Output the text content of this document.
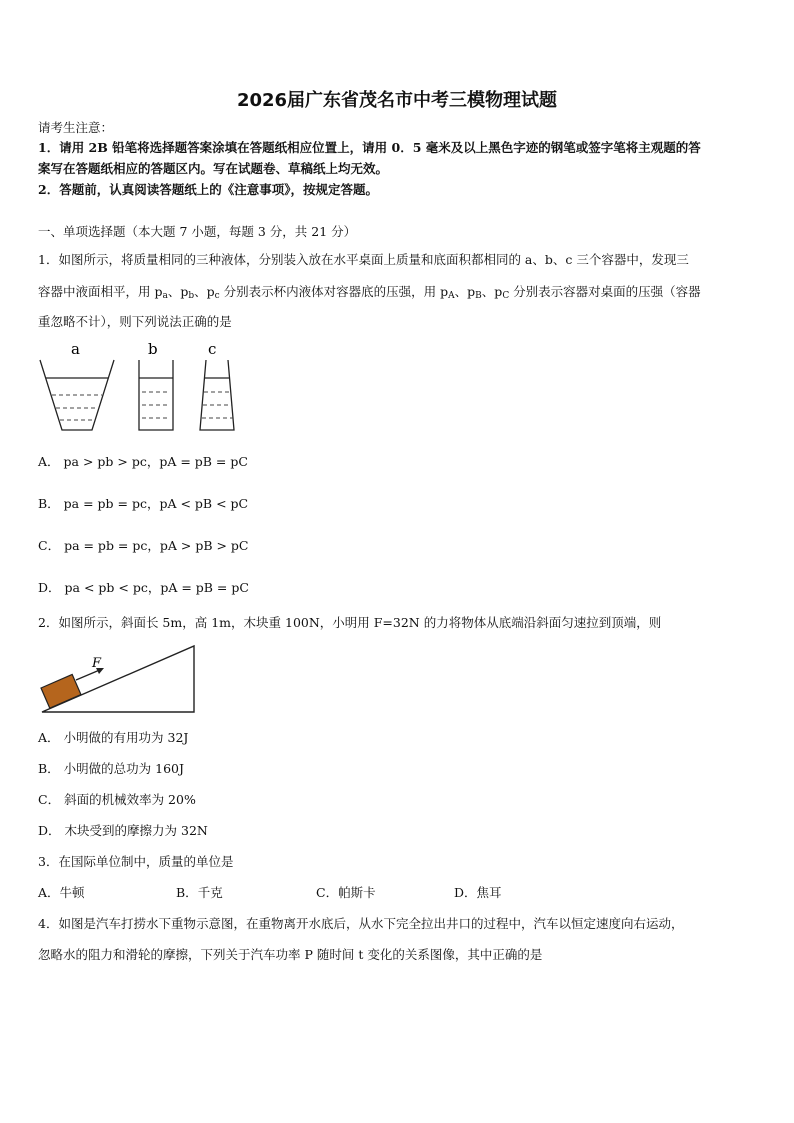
2026届广东省茂名市中考三模物理试题
请考生注意：
1．请用 2B 铅笔将选择题答案涂填在答题纸相应位置上，请用 0．5 毫米及以上黑色字迹的钢笔或签字笔将主观题的答
案写在答题纸相应的答题区内。写在试题卷、草稿纸上均无效。
2．答题前，认真阅读答题纸上的《注意事项》，按规定答题。
一、单项选择题（本大题 7 小题，每题 3 分，共 21 分）
1．如图所示，将质量相同的三种液体，分别装入放在水平桌面上质量和底面积都相同的 a、b、c 三个容器中，发现三
容器中液面相平，用 $p_a$、$p_b$、$p_c$ 分别表示杯内液体对容器底的压强，用 $p_A$、$p_B$、$p_C$ 分别表示容器对桌面的压强（容器
重忽略不计），则下列说法正确的是
a	b	c
A． pa > pb > pc，pA = pB = pC
B． pa = pb = pc，pA < pB < pC
C． pa = pb = pc，pA > pB > pC
D． pa < pb < pc，pA = pB = pC
2．如图所示，斜面长 5m，高 1m，木块重 100N，小明用 F=32N 的力将物体从底端沿斜面匀速拉到顶端，则
F
A． 小明做的有用功为 32J
B． 小明做的总功为 160J
C． 斜面的机械效率为 20%
D． 木块受到的摩擦力为 32N
3．在国际单位制中，质量的单位是
A．牛顿	B．千克	C．帕斯卡	D．焦耳
4．如图是汽车打捞水下重物示意图，在重物离开水底后，从水下完全拉出井口的过程中，汽车以恒定速度向右运动，
忽略水的阻力和滑轮的摩擦，下列关于汽车功率 P 随时间 t 变化的关系图像，其中正确的是
